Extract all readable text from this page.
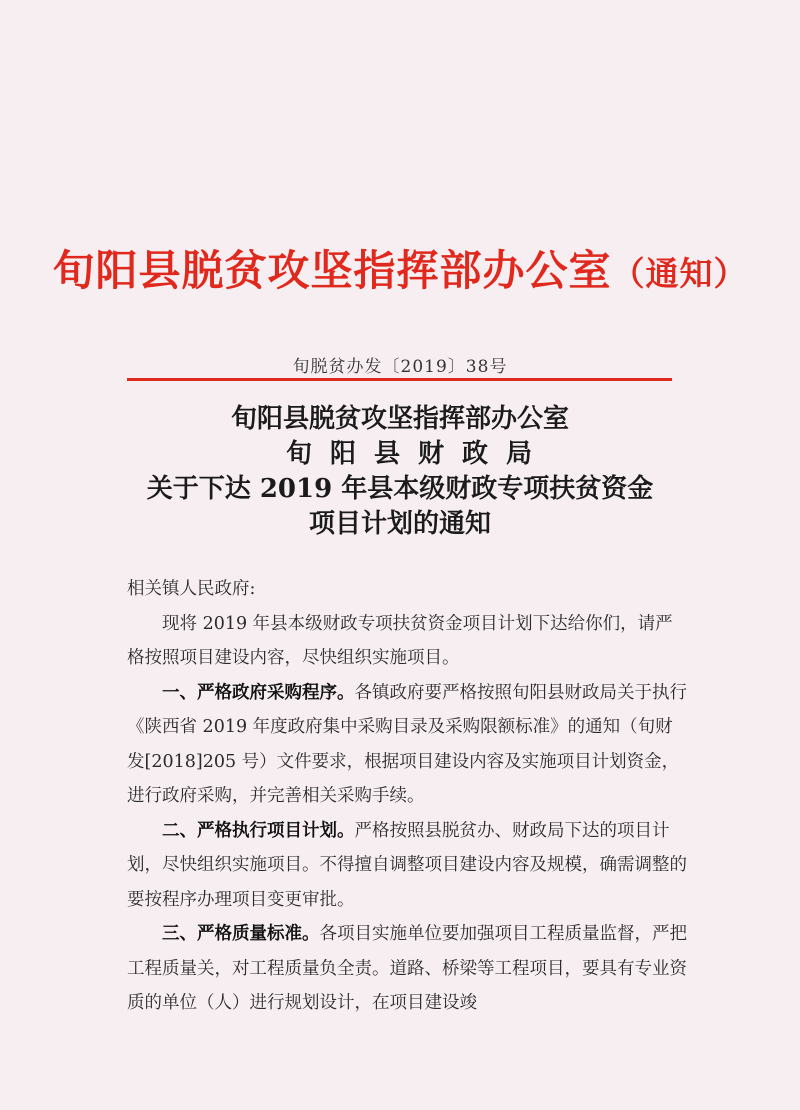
旬阳县脱贫攻坚指挥部办公室（通知）
旬脱贫办发〔2019〕38号
旬阳县脱贫攻坚指挥部办公室
旬阳县财政局
关于下达 2019 年县本级财政专项扶贫资金
项目计划的通知

相关镇人民政府:

现将 2019 年县本级财政专项扶贫资金项目计划下达给你们，请严格按照项目建设内容，尽快组织实施项目。

一、严格政府采购程序。各镇政府要严格按照旬阳县财政局关于执行《陕西省 2019 年度政府集中采购目录及采购限额标准》的通知（旬财发[2018]205 号）文件要求，根据项目建设内容及实施项目计划资金，进行政府采购，并完善相关采购手续。

二、严格执行项目计划。严格按照县脱贫办、财政局下达的项目计划，尽快组织实施项目。不得擅自调整项目建设内容及规模，确需调整的要按程序办理项目变更审批。

三、严格质量标准。各项目实施单位要加强项目工程质量监督，严把工程质量关，对工程质量负全责。道路、桥梁等工程项目，要具有专业资质的单位（人）进行规划设计，在项目建设竣
